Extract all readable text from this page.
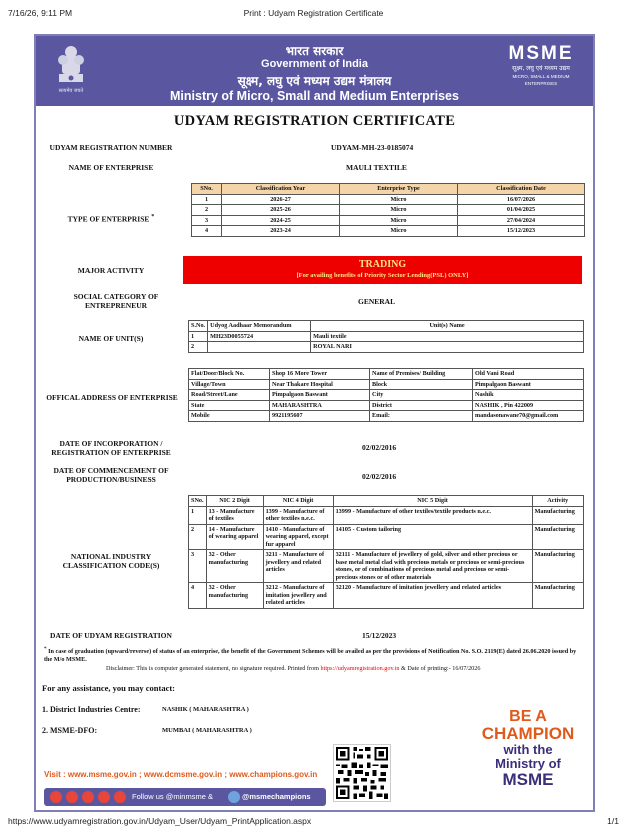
7/16/26, 9:11 PM	Print : Udyam Registration Certificate
सत्यमेव जयते
भारत सरकार
Government of India
सूक्ष्म, लघु एवं मध्यम उद्यम मंत्रालय
Ministry of Micro, Small and Medium Enterprises
MSME
सूक्ष्म, लघु एवं मध्यम उद्यम
MICRO, SMALL & MEDIUM ENTERPRISES
UDYAM REGISTRATION CERTIFICATE
UDYAM REGISTRATION NUMBER	UDYAM-MH-23-0185074
NAME OF ENTERPRISE	MAULI TEXTILE
TYPE OF ENTERPRISE *
SNo.	Classification Year	Enterprise Type	Classification Date
1	2026-27	Micro	16/07/2026
2	2025-26	Micro	01/04/2025
3	2024-25	Micro	27/04/2024
4	2023-24	Micro	15/12/2023
MAJOR ACTIVITY
TRADING
[For availing benefits of Priority Sector Lending(PSL) ONLY]
SOCIAL CATEGORY OF ENTREPRENEUR	GENERAL
NAME OF UNIT(S)
S.No.	Udyog Aadhaar Memorandum	Unit(s) Name
1	MH23D0055724	Mauli textile
2		ROYAL NARI
OFFICAL ADDRESS OF ENTERPRISE
Flat/Door/Block No.	Shop 16 More Tower	Name of Premises/ Building	Old Vani Road
Village/Town	Near Thakare Hospital	Block	Pimpalgaon Baswant
Road/Street/Lane	Pimpalgaon Baswant	City	Nashik
State	MAHARASHTRA	District	NASHIK , Pin 422009
Mobile	9921195607	Email:	mandasonawane70@gmail.com
DATE OF INCORPORATION / REGISTRATION OF ENTERPRISE
02/02/2016
DATE OF COMMENCEMENT OF PRODUCTION/BUSINESS	02/02/2016
NATIONAL INDUSTRY CLASSIFICATION CODE(S)
SNo.	NIC 2 Digit	NIC 4 Digit	NIC 5 Digit	Activity
1	13 - Manufacture of textiles	1399 - Manufacture of other textiles n.e.c.	13999 - Manufacture of other textiles/textile products n.e.c.	Manufacturing
2	14 - Manufacture of wearing apparel	1410 - Manufacture of wearing apparel, except fur apparel	14105 - Custom tailoring	Manufacturing
3	32 - Other manufacturing	3211 - Manufacture of jewellery and related articles	32111 - Manufacture of jewellery of gold, silver and other precious or base metal metal clad with precious metals or precious or semi-precious stones, or of combinations of precious metal and precious or semi-precious stones or of other materials	Manufacturing
4	32 - Other manufacturing	3212 - Manufacture of imitation jewellery and related articles	32120 - Manufacture of imitation jewellery and related articles	Manufacturing
DATE OF UDYAM REGISTRATION	15/12/2023
* In case of graduation (upward/reverse) of status of an enterprise, the benefit of the Government Schemes will be availed as per the provisions of Notification No. S.O. 2119(E) dated 26.06.2020 issued by the M/o MSME.
Disclaimer: This is computer generated statement, no signature required. Printed from https://udyamregistration.gov.in & Date of printing:- 16/07/2026
For any assistance, you may contact:
1. District Industries Centre:	NASHIK ( MAHARASHTRA )
2. MSME-DFO:	MUMBAI ( MAHARASHTRA )
BE A
CHAMPION
with the
Ministry of
MSME
Visit : www.msme.gov.in ; www.dcmsme.gov.in ; www.champions.gov.in
Follow us @minmsme &	@msmechampions
https://www.udyamregistration.gov.in/Udyam_User/Udyam_PrintApplication.aspx	1/1
